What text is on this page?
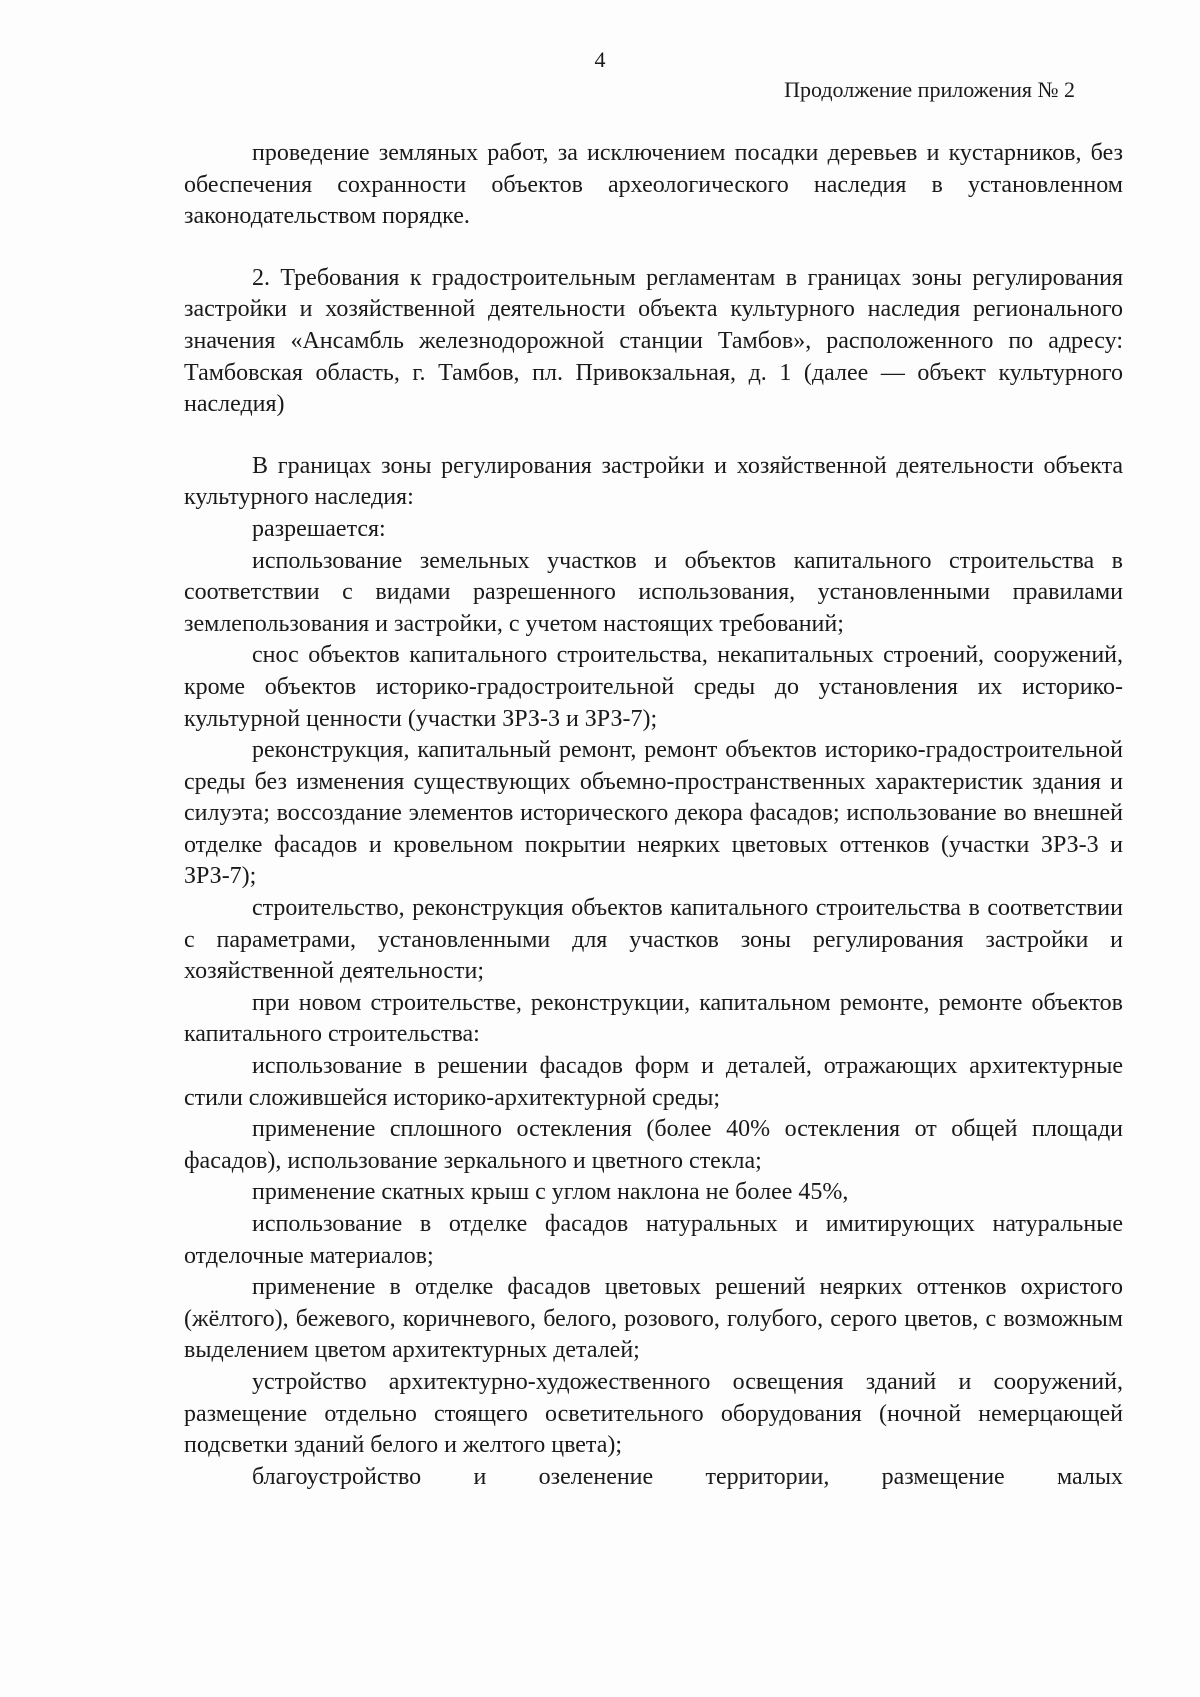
4
Продолжение приложения № 2

проведение земляных работ, за исключением посадки деревьев и кустарников, без обеспечения сохранности объектов археологического наследия в установленном законодательством порядке.

2. Требования к градостроительным регламентам в границах зоны регулирования застройки и хозяйственной деятельности объекта культурного наследия регионального значения «Ансамбль железнодорожной станции Тамбов», расположенного по адресу: Тамбовская область, г. Тамбов, пл. Привокзальная, д. 1 (далее — объект культурного наследия)

В границах зоны регулирования застройки и хозяйственной деятельности объекта культурного наследия:

разрешается:

использование земельных участков и объектов капитального строительства в соответствии с видами разрешенного использования, установленными правилами землепользования и застройки, с учетом настоящих требований;

снос объектов капитального строительства, некапитальных строений, сооружений, кроме объектов историко-градостроительной среды до установления их историко-культурной ценности (участки ЗРЗ-3 и ЗРЗ-7);

реконструкция, капитальный ремонт, ремонт объектов историко-градостроительной среды без изменения существующих объемно-пространственных характеристик здания и силуэта; воссоздание элементов исторического декора фасадов; использование во внешней отделке фасадов и кровельном покрытии неярких цветовых оттенков (участки ЗРЗ-3 и ЗРЗ-7);

строительство, реконструкция объектов капитального строительства в соответствии с параметрами, установленными для участков зоны регулирования застройки и хозяйственной деятельности;

при новом строительстве, реконструкции, капитальном ремонте, ремонте объектов капитального строительства:

использование в решении фасадов форм и деталей, отражающих архитектурные стили сложившейся историко-архитектурной среды;

применение сплошного остекления (более 40% остекления от общей площади фасадов), использование зеркального и цветного стекла;

применение скатных крыш с углом наклона не более 45%,

использование в отделке фасадов натуральных и имитирующих натуральные отделочные материалов;

применение в отделке фасадов цветовых решений неярких оттенков охристого (жёлтого), бежевого, коричневого, белого, розового, голубого, серого цветов, с возможным выделением цветом архитектурных деталей;

устройство архитектурно-художественного освещения зданий и сооружений, размещение отдельно стоящего осветительного оборудования (ночной немерцающей подсветки зданий белого и желтого цвета);

благоустройство и озеленение территории, размещение малых
